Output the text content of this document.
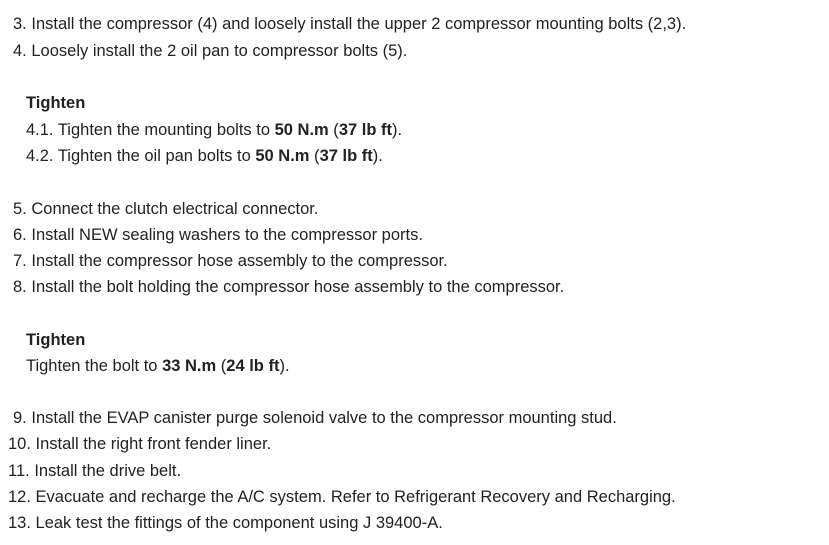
3. Install the compressor (4) and loosely install the upper 2 compressor mounting bolts (2,3).
4. Loosely install the 2 oil pan to compressor bolts (5).
Tighten
4.1. Tighten the mounting bolts to 50 N.m (37 lb ft).
4.2. Tighten the oil pan bolts to 50 N.m (37 lb ft).
5. Connect the clutch electrical connector.
6. Install NEW sealing washers to the compressor ports.
7. Install the compressor hose assembly to the compressor.
8. Install the bolt holding the compressor hose assembly to the compressor.
Tighten
Tighten the bolt to 33 N.m (24 lb ft).
9. Install the EVAP canister purge solenoid valve to the compressor mounting stud.
10. Install the right front fender liner.
11. Install the drive belt.
12. Evacuate and recharge the A/C system. Refer to Refrigerant Recovery and Recharging.
13. Leak test the fittings of the component using J 39400-A.
